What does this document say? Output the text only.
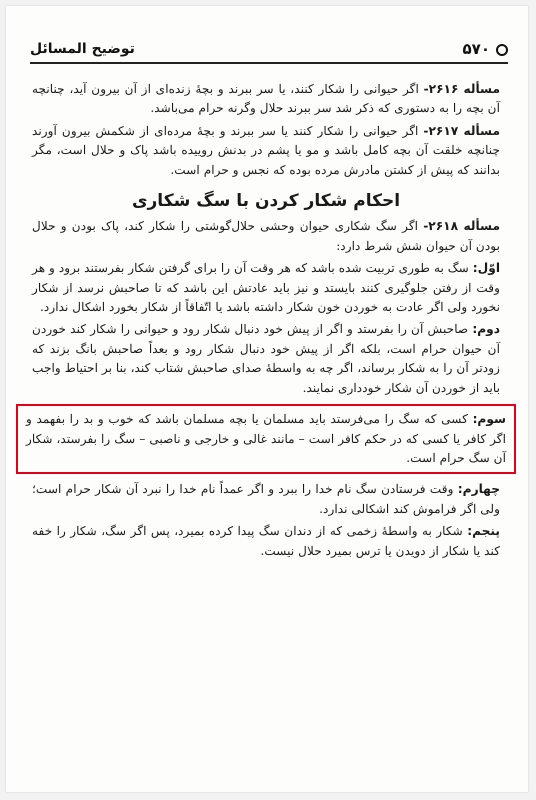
۵۷۰
توضیح المسائل

مسأله ۲۶۱۶- اگر حیوانی را شکار کنند، یا سر ببرند و بچهٔ زنده‌ای از آن بیرون آید، چنانچه آن بچه را به دستوری که ذکر شد سر ببرند حلال وگرنه حرام می‌باشد.

مسأله ۲۶۱۷- اگر حیوانی را شکار کنند یا سر ببرند و بچهٔ مرده‌ای از شکمش بیرون آورند چنانچه خلقت آن بچه کامل باشد و مو یا پشم در بدنش روییده باشد پاک و حلال است، مگر بدانند که پیش از کشتن مادرش مرده بوده که نجس و حرام است.

احکام شکار کردن با سگ شکاری

مسأله ۲۶۱۸- اگر سگ شکاری حیوان وحشی حلال‌گوشتی را شکار کند، پاک بودن و حلال بودن آن حیوان شش شرط دارد:

اوّل: سگ به طوری تربیت شده باشد که هر وقت آن را برای گرفتن شکار بفرستند برود و هر وقت از رفتن جلوگیری کنند بایستد و نیز باید عادتش این باشد که تا صاحبش نرسد از شکار نخورد ولی اگر عادت به خوردن خون شکار داشته باشد یا اتّفاقاً از شکار بخورد اشکال ندارد.

دوم: صاحبش آن را بفرستد و اگر از پیش خود دنبال شکار رود و حیوانی را شکار کند خوردن آن حیوان حرام است، بلکه اگر از پیش خود دنبال شکار رود و بعداً صاحبش بانگ بزند که زودتر آن را به شکار برساند، اگر چه به واسطهٔ صدای صاحبش شتاب کند، بنا بر احتیاط واجب باید از خوردن آن شکار خودداری نمایند.

سوم: کسی که سگ را می‌فرستد باید مسلمان یا بچه مسلمان باشد که خوب و بد را بفهمد و اگر کافر یا کسی که در حکم کافر است – مانند غالی و خارجی و ناصبی – سگ را بفرستد، شکار آن سگ حرام است.

چهارم: وقت فرستادن سگ نام خدا را ببرد و اگر عمداً نام خدا را نبرد آن شکار حرام است؛ ولی اگر فراموش کند اشکالی ندارد.

پنجم: شکار به واسطهٔ زخمی که از دندان سگ پیدا کرده بمیرد، پس اگر سگ، شکار را خفه کند یا شکار از دویدن یا ترس بمیرد حلال نیست.
